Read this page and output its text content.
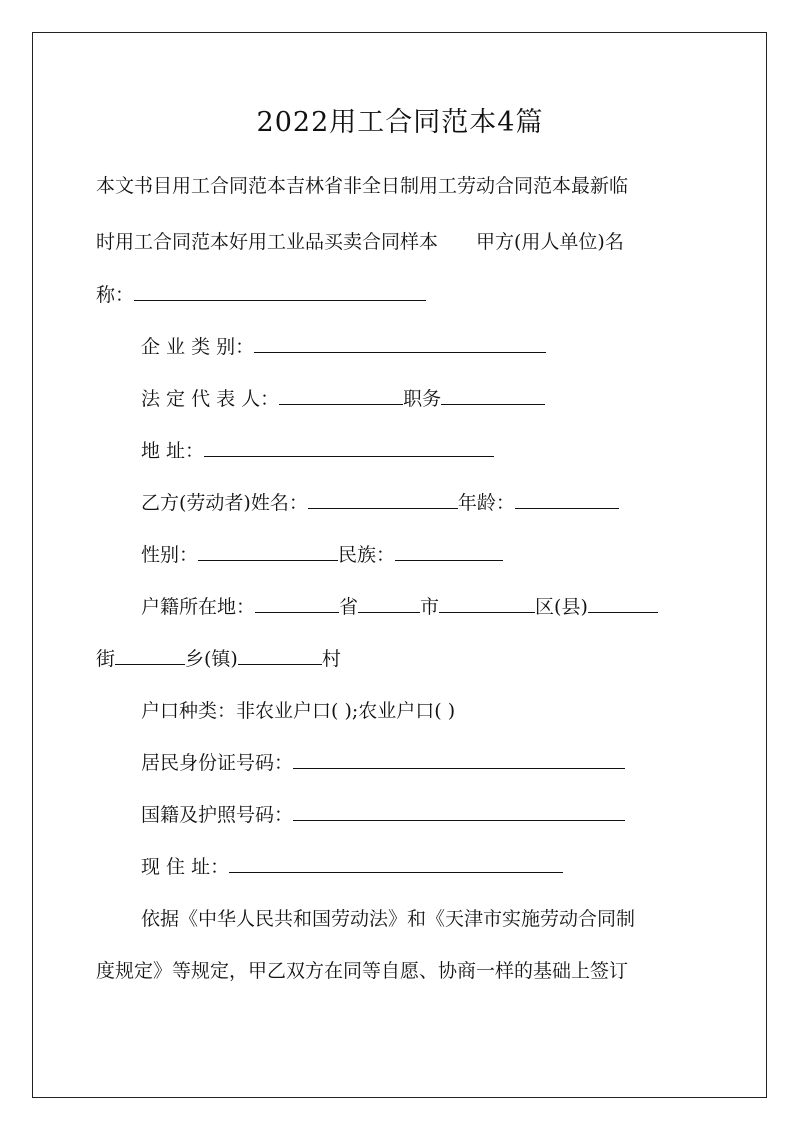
2022用工合同范本4篇
本文书目用工合同范本吉林省非全日制用工劳动合同范本最新临
时用工合同范本好用工业品买卖合同样本　　甲方(用人单位)名
称：
企 业 类 别：
法 定 代 表 人：	职务
地 址：
乙方(劳动者)姓名：	年龄：
性别：	民族：
户籍所在地：	省	市	区(县)
街	乡(镇)	村
户口种类：非农业户口( );农业户口( )
居民身份证号码：
国籍及护照号码：
现 住 址：
依据《中华人民共和国劳动法》和《天津市实施劳动合同制
度规定》等规定，甲乙双方在同等自愿、协商一样的基础上签订
